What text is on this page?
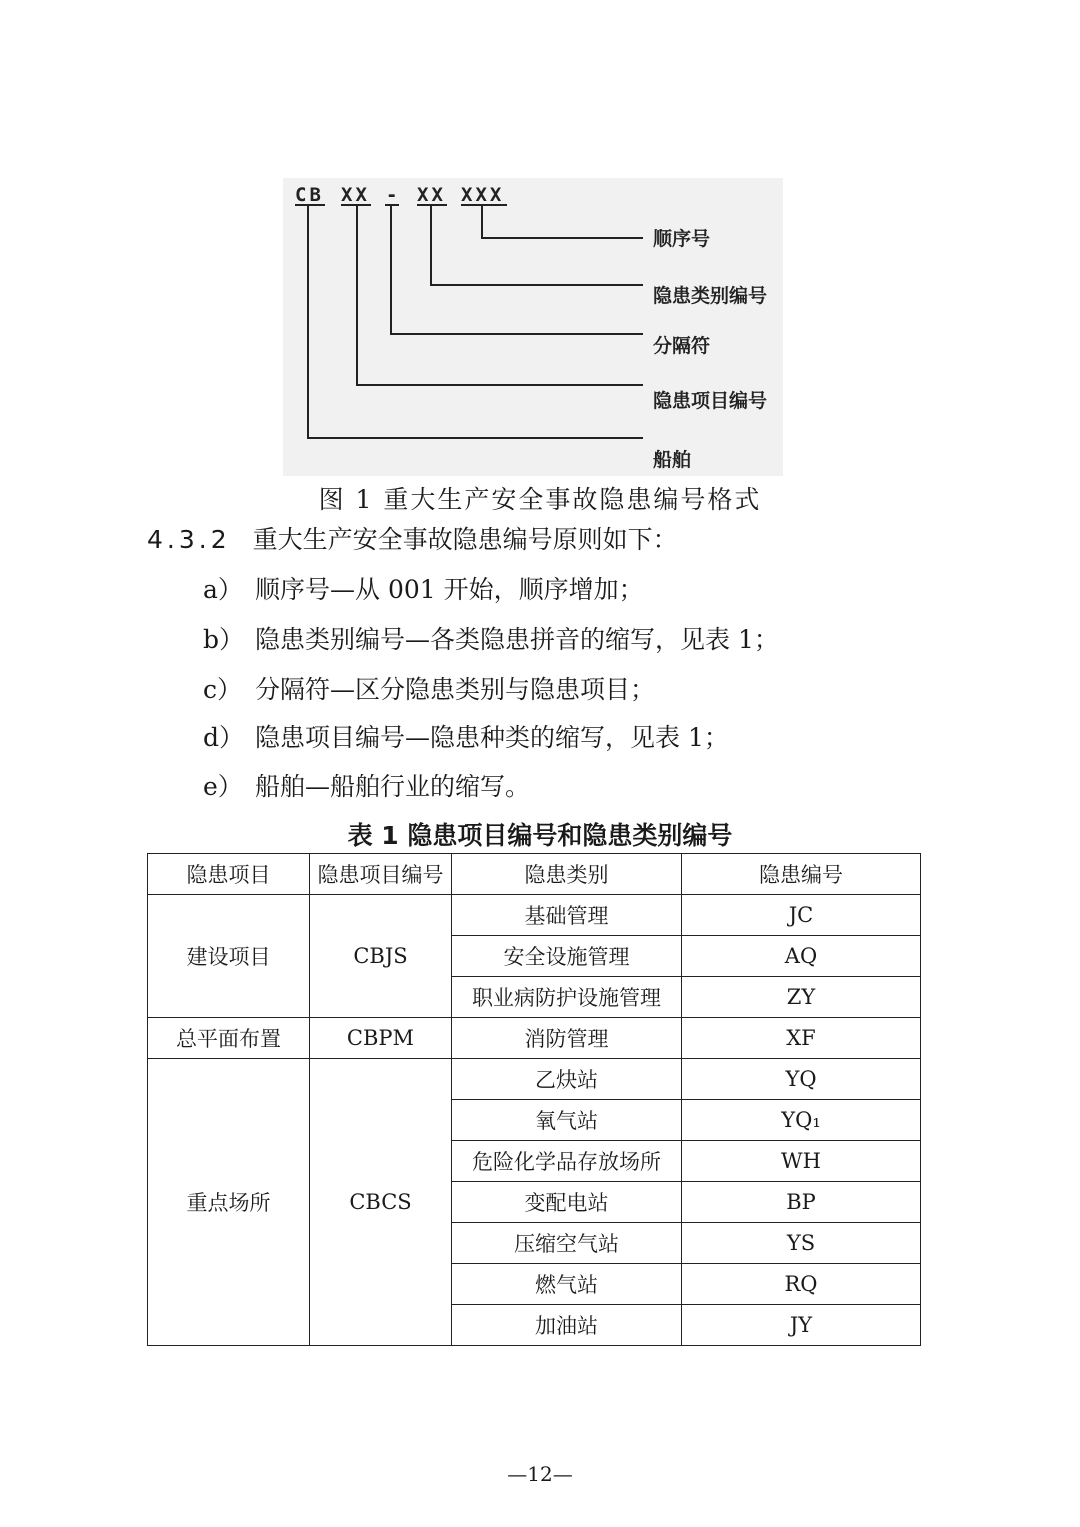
CB XX - XX XXX
顺序号
隐患类别编号
分隔符
隐患项目编号
船舶
图 1 重大生产安全事故隐患编号格式
4.3.2 重大生产安全事故隐患编号原则如下：
a） 顺序号—从 001 开始，顺序增加；
b） 隐患类别编号—各类隐患拼音的缩写，见表 1；
c） 分隔符—区分隐患类别与隐患项目；
d） 隐患项目编号—隐患种类的缩写，见表 1；
e） 船舶—船舶行业的缩写。
表 1 隐患项目编号和隐患类别编号
隐患项目	隐患项目编号	隐患类别	隐患编号
建设项目	CBJS	基础管理	JC
		安全设施管理	AQ
		职业病防护设施管理	ZY
总平面布置	CBPM	消防管理	XF
重点场所	CBCS	乙炔站	YQ
		氧气站	YQ₁
		危险化学品存放场所	WH
		变配电站	BP
		压缩空气站	YS
		燃气站	RQ
		加油站	JY
—12—
